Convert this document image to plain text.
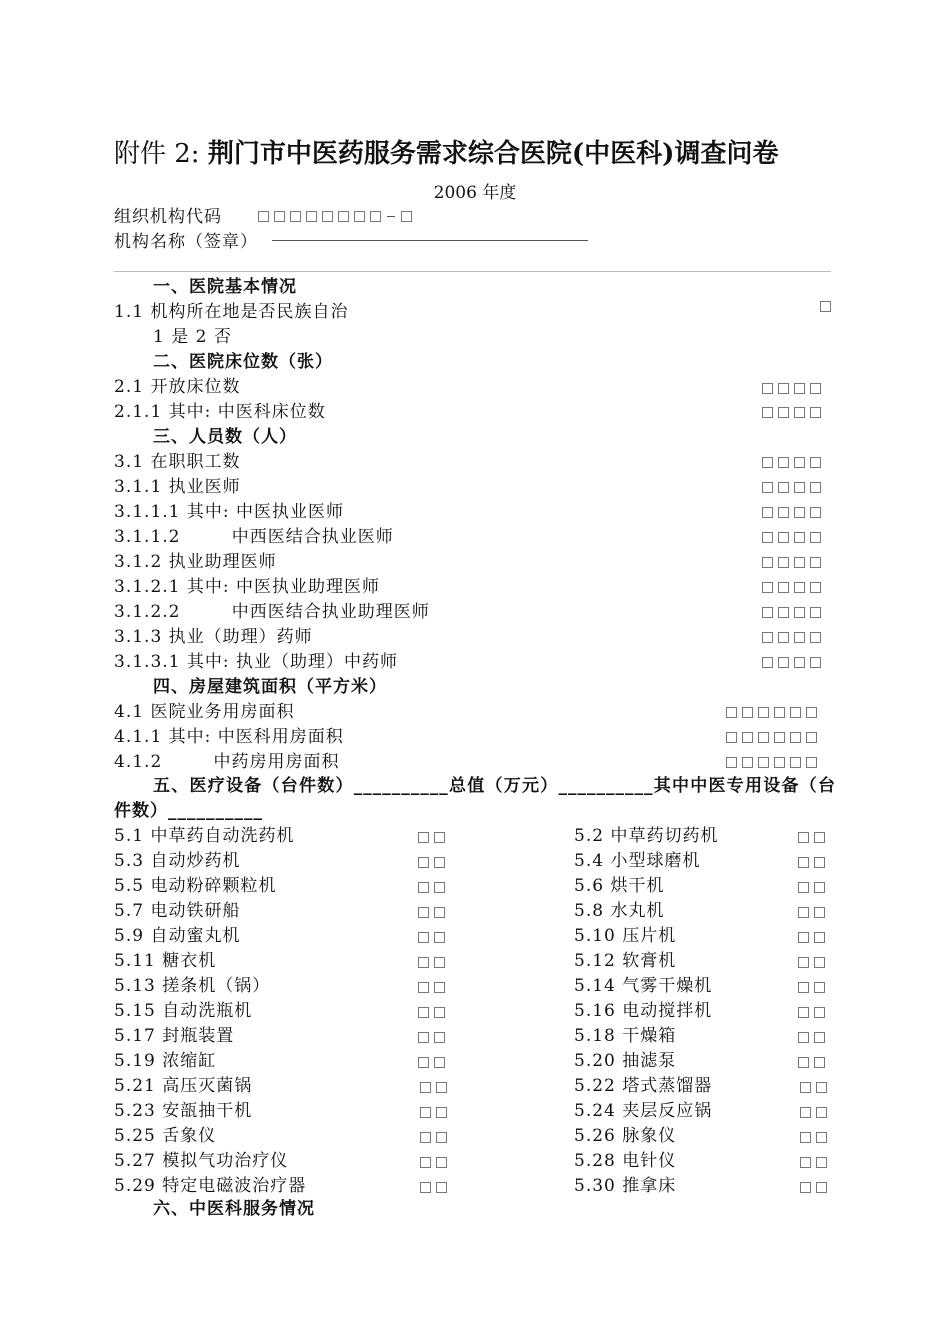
附件 2: 荆门市中医药服务需求综合医院(中医科)调查问卷
2006 年度
组织机构代码
机构名称（签章）
一、医院基本情况
1.1 机构所在地是否民族自治
1 是 2 否
二、医院床位数（张）
2.1 开放床位数
2.1.1 其中: 中医科床位数
三、人员数（人）
3.1 在职职工数
3.1.1 执业医师
3.1.1.1 其中: 中医执业医师
3.1.1.2        中西医结合执业医师
3.1.2 执业助理医师
3.1.2.1 其中: 中医执业助理医师
3.1.2.2        中西医结合执业助理医师
3.1.3 执业（助理）药师
3.1.3.1 其中: 执业（助理）中药师
四、房屋建筑面积（平方米）
4.1 医院业务用房面积
4.1.1 其中: 中医科用房面积
4.1.2        中药房用房面积
五、医疗设备（台件数）__________总值（万元）__________其中中医专用设备（台件数）__________
5.1 中草药自动洗药机	5.2 中草药切药机
5.3 自动炒药机	5.4 小型球磨机
5.5 电动粉碎颗粒机	5.6 烘干机
5.7 电动铁研船	5.8 水丸机
5.9 自动蜜丸机	5.10 压片机
5.11 糖衣机	5.12 软膏机
5.13 搓条机（锅）	5.14 气雾干燥机
5.15 自动洗瓶机	5.16 电动搅拌机
5.17 封瓶装置	5.18 干燥箱
5.19 浓缩缸	5.20 抽滤泵
5.21 高压灭菌锅	5.22 塔式蒸馏器
5.23 安瓿抽干机	5.24 夹层反应锅
5.25 舌象仪	5.26 脉象仪
5.27 模拟气功治疗仪	5.28 电针仪
5.29 特定电磁波治疗器	5.30 推拿床
六、中医科服务情况
